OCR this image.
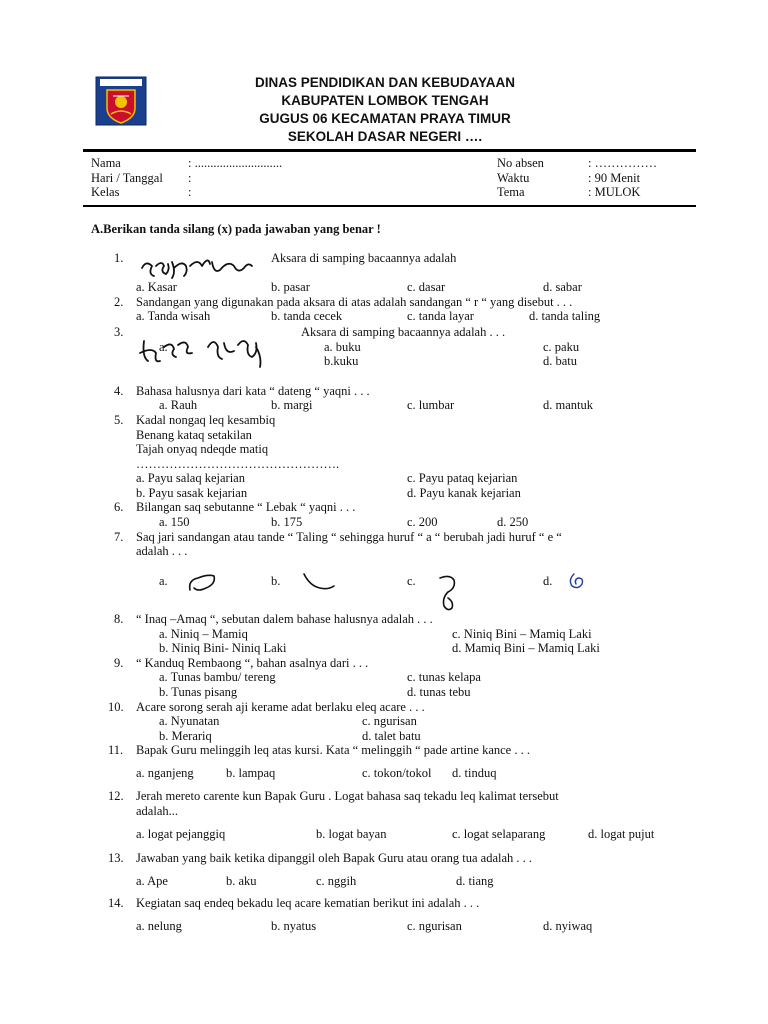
DINAS PENDIDIKAN DAN KEBUDAYAAN
KABUPATEN LOMBOK TENGAH
GUGUS 06 KECAMATAN PRAYA TIMUR
SEKOLAH DASAR NEGERI ….
Nama	: ............................
Hari / Tanggal :
Kelas	:
No absen	: ……………
Waktu	: 90 Menit
Tema	: MULOK
A.Berikan tanda silang (x) pada jawaban yang benar !
1.	Aksara di samping bacaannya adalah
a. Kasar	b. pasar	c. dasar	d. sabar
2. Sandangan yang digunakan pada aksara di atas adalah sandangan “ r “ yang disebut . . .
a. Tanda wisah	b. tanda cecek	c. tanda layar	d. tanda taling
3.	Aksara di samping bacaannya adalah . . .
a.	a. buku
b.kuku
c. paku
d. batu
4. Bahasa halusnya dari kata “ dateng “ yaqni . . .
a. Rauh	b. margi	c. lumbar	d. mantuk
5. Kadal nongaq leq kesambiq
Benang kataq setakilan
Tajah onyaq ndeqde matiq
………………………………………….
a. Payu salaq kejarian	c. Payu pataq kejarian
b. Payu sasak kejarian	d. Payu kanak kejarian
6. Bilangan saq sebutanne “ Lebak “ yaqni . . .
a. 150	b. 175	c. 200	d. 250
7. Saq jari sandangan atau tande “ Taling “ sehingga huruf “ a “ berubah jadi huruf “ e “
adalah . . .
a.	b.	c.	d.
8. “ Inaq –Amaq “, sebutan dalem bahase halusnya adalah . . .
a. Niniq – Mamiq	c. Niniq Bini – Mamiq Laki
b. Niniq Bini- Niniq Laki	d. Mamiq Bini – Mamiq Laki
9. “ Kanduq Rembaong “, bahan asalnya dari . . .
a. Tunas bambu/ tereng	c. tunas kelapa
b. Tunas pisang	d. tunas tebu
10. Acare sorong serah aji kerame adat berlaku eleq acare . . .
a. Nyunatan	c. ngurisan
b. Merariq	d. talet batu
11. Bapak Guru melinggih leq atas kursi. Kata “ melinggih “ pade artine kance . . .
a. nganjeng	b. lampaq	c. tokon/tokol d. tinduq
12. Jerah mereto carente kun Bapak Guru . Logat bahasa saq tekadu leq kalimat tersebut
adalah...
a. logat pejanggiq	b. logat bayan	c. logat selaparang	d. logat pujut
13. Jawaban yang baik ketika dipanggil oleh Bapak Guru atau orang tua adalah . . .
a. Ape	b. aku	c. nggih	d. tiang
14. Kegiatan saq endeq bekadu leq acare kematian berikut ini adalah . . .
a. nelung	b. nyatus	c. ngurisan	d. nyiwaq
